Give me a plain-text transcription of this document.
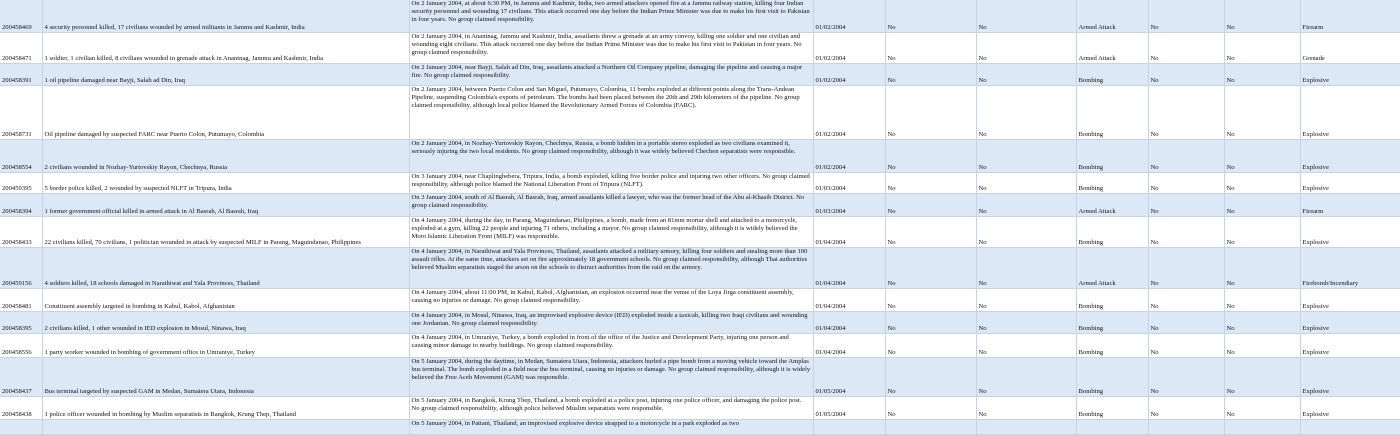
200458469	4 security personnel killed, 17 civilians wounded by armed militants in Jammu and Kashmir, India	On 2 January 2004, at about 6:30 PM, in Jammu and Kashmir, India, two armed attackers opened fire at a Jammu railway station, killing four Indian security personnel and wounding 17 civilians. This attack occurred one day before the Indian Prime Minister was due to make his first visit to Pakistan in four years. No group claimed responsibility.	01/02/2004	No	No	Armed Attack	No	No	Firearm
200458471	1 soldier, 1 civilian killed, 8 civilians wounded in grenade attack in Anantnag, Jammu and Kashmir, India	On 2 January 2004, in Anantnag, Jammu and Kashmir, India, assailants threw a grenade at an army convoy, killing one soldier and one civilian and wounding eight civilians. This attack occurred one day before the Indian Prime Minister was due to make his first visit to Pakistan in four years. No group claimed responsibility.	01/02/2004	No	No	Armed Attack	No	No	Grenade
200458391	1 oil pipeline damaged near Bayji, Salah ad Din, Iraq	On 2 January 2004, near Bayji, Salah ad Din, Iraq, assailants attacked a Northern Oil Company pipeline, damaging the pipeline and causing a major fire. No group claimed responsibility.	01/02/2004	No	No	Bombing	No	No	Explosive
200458731	Oil pipeline damaged by suspected FARC near Puerto Colon, Putumayo, Colombia	On 2 January 2004, between Puerto Colon and San Miguel, Putumayo, Colombia, 11 bombs exploded at different points along the Trans-Andean Pipeline, suspending Colombia's exports of petroleum. The bombs had been placed between the 20th and 29th kilometers of the pipeline. No group claimed responsibility, although local police blamed the Revolutionary Armed Forces of Colombia (FARC).	01/02/2004	No	No	Bombing	No	No	Explosive
200458554	2 civilians wounded in Nozhay-Yurtovskiy Rayon, Chechnya, Russia	On 2 January 2004, in Nozhay-Yurtovskiy Rayon, Chechnya, Russia, a bomb hidden in a portable stereo exploded as two civilians examined it, seriously injuring the two local residents. No group claimed responsibility, although it was widely believed Chechen separatists were responsible.	01/02/2004	No	No	Bombing	No	No	Explosive
200459395	5 border police killed, 2 wounded by suspected NLFT in Tripura, India	On 3 January 2004, near Chaplinghebera, Tripura, India, a bomb exploded, killing five border police and injuring two other officers. No group claimed responsibility, although police blamed the National Liberation Front of Tripura (NLFT).	01/03/2004	No	No	Bombing	No	No	Explosive
200458394	1 former government official killed in armed attack in Al Basrah, Al Basrah, Iraq	On 3 January 2004, south of Al Basrah, Al Basrah, Iraq, armed assailants killed a lawyer, who was the former head of the Abu al-Khasib District. No group claimed responsibility.	01/03/2004	No	No	Armed Attack	No	No	Firearm
200458433	22 civilians killed, 70 civilians, 1 politician wounded in attack by suspected MILF in Parang, Maguindanao, Philippines	On 4 January 2004, during the day, in Parang, Maguindanao, Philippines, a bomb, made from an 81mm mortar shell and attached to a motorcycle, exploded at a gym, killing 22 people and injuring 71 others, including a mayor. No group claimed responsibility, although it is widely believed the Moro Islamic Liberation Front (MILF) was responsible.	01/04/2004	No	No	Bombing	No	No	Explosive
200459156	4 soldiers killed, 18 schools damaged in Narathiwat and Yala Provinces, Thailand	On 4 January 2004, in Narathiwat and Yala Provinces, Thailand, assailants attacked a military armory, killing four soldiers and stealing more than 100 assault rifles. At the same time, attackers set on fire approximately 18 government schools. No group claimed responsibility, although Thai authorities believed Muslim separatists staged the arson on the schools to distract authorities from the raid on the armory.	01/04/2004	No	No	Armed Attack	No	No	Firebomb/Incendiary
200458481	Constituent assembly targeted in bombing in Kabul, Kabol, Afghanistan	On 4 January 2004, about 11:00 PM, in Kabul, Kabol, Afghanistan, an explosion occurred near the venue of the Loya Jirga constituent assembly, causing no injuries or damage. No group claimed responsibility.	01/04/2004	No	No	Bombing	No	No	Explosive
200458395	2 civilians killed, 1 other wounded in IED explosion in Mosul, Ninawa, Iraq	On 4 January 2004, in Mosul, Ninawa, Iraq, an improvised explosive device (IED) exploded inside a taxicab, killing two Iraqi civilians and wounding one Jordanian. No group claimed responsibility.	01/04/2004	No	No	Bombing	No	No	Explosive
200458556	1 party worker wounded in bombing of government office in Umraniye, Turkey	On 4 January 2004, in Umraniye, Turkey, a bomb exploded in front of the office of the Justice and Development Party, injuring one person and causing minor damage to nearby buildings. No group claimed responsibility.	01/04/2004	No	No	Bombing	No	No	Explosive
200458437	Bus terminal targeted by suspected GAM in Medan, Sumatera Utara, Indonesia	On 5 January 2004, during the daytime, in Medan, Sumatera Utara, Indonesia, attackers hurled a pipe bomb from a moving vehicle toward the Amplas bus terminal. The bomb exploded in a field near the bus terminal, causing no injuries or damage. No group claimed responsibility, although it is widely believed the Free Aceh Movement (GAM) was responsible.	01/05/2004	No	No	Bombing	No	No	Explosive
200458438	1 police officer wounded in bombing by Muslim separatists in Bangkok, Krung Thep, Thailand	On 5 January 2004, in Bangkok, Krung Thep, Thailand, a bomb exploded at a police post, injuring one police officer, and damaging the police post. No group claimed responsibility, although police believed Muslim separatists were responsible.	01/05/2004	No	No	Bombing	No	No	Explosive
		On 5 January 2004, in Pattani, Thailand, an improvised explosive device strapped to a motorcycle in a park exploded as two							
